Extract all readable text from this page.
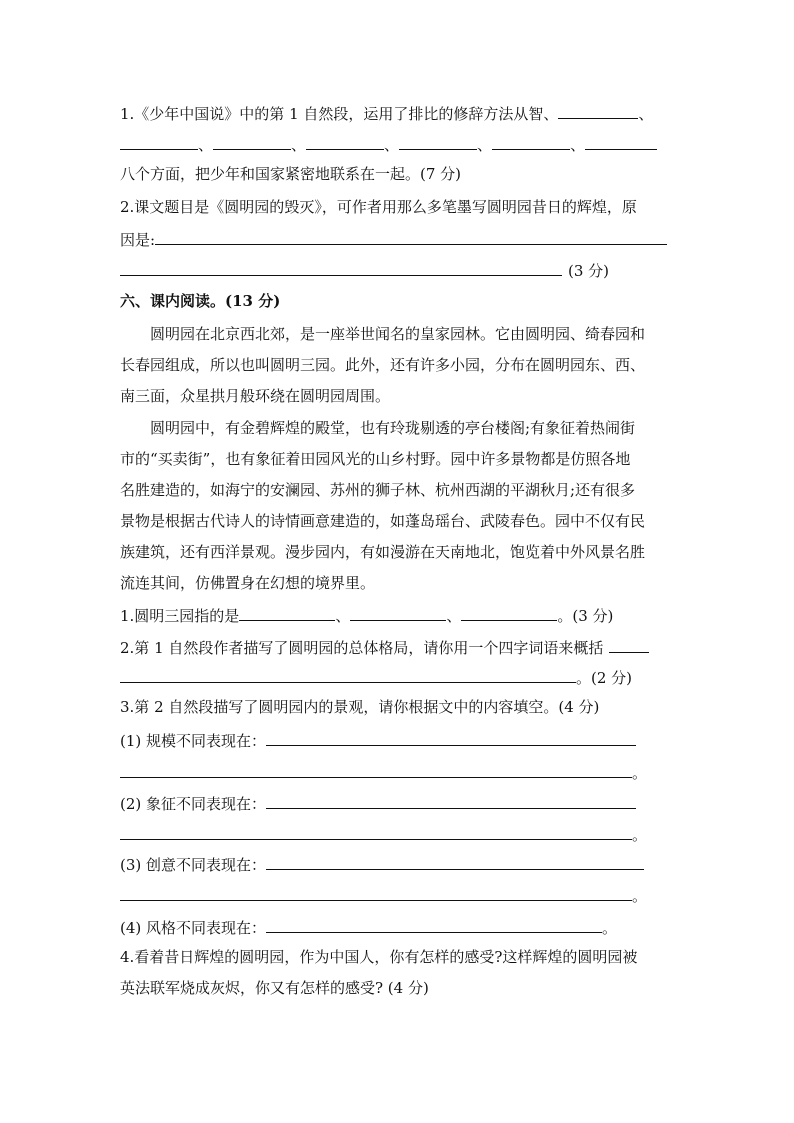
1.《少年中国说》中的第 1 自然段，运用了排比的修辞方法从智、	、
、	、	、	、	、
八个方面，把少年和国家紧密地联系在一起。(7 分)
2.课文题目是《圆明园的毁灭》，可作者用那么多笔墨写圆明园昔日的辉煌，原
因是:
(3 分)
六、课内阅读。(13 分)
圆明园在北京西北郊，是一座举世闻名的皇家园林。它由圆明园、绮春园和
长春园组成，所以也叫圆明三园。此外，还有许多小园，分布在圆明园东、西、
南三面，众星拱月般环绕在圆明园周围。
圆明园中，有金碧辉煌的殿堂，也有玲珑剔透的亭台楼阁;有象征着热闹街
市的“买卖街”，也有象征着田园风光的山乡村野。园中许多景物都是仿照各地
名胜建造的，如海宁的安澜园、苏州的狮子林、杭州西湖的平湖秋月;还有很多
景物是根据古代诗人的诗情画意建造的，如蓬岛瑶台、武陵春色。园中不仅有民
族建筑，还有西洋景观。漫步园内，有如漫游在天南地北，饱览着中外风景名胜
流连其间，仿佛置身在幻想的境界里。
1.圆明三园指的是	、	、	。(3 分)
2.第 1 自然段作者描写了圆明园的总体格局，请你用一个四字词语来概括
。(2 分)
3.第 2 自然段描写了圆明园内的景观，请你根据文中的内容填空。(4 分)
(1) 规模不同表现在：
。
(2) 象征不同表现在：
。
(3) 创意不同表现在：
。
(4) 风格不同表现在：	。
4.看着昔日辉煌的圆明园，作为中国人，你有怎样的感受?这样辉煌的圆明园被
英法联军烧成灰烬，你又有怎样的感受? (4 分)
